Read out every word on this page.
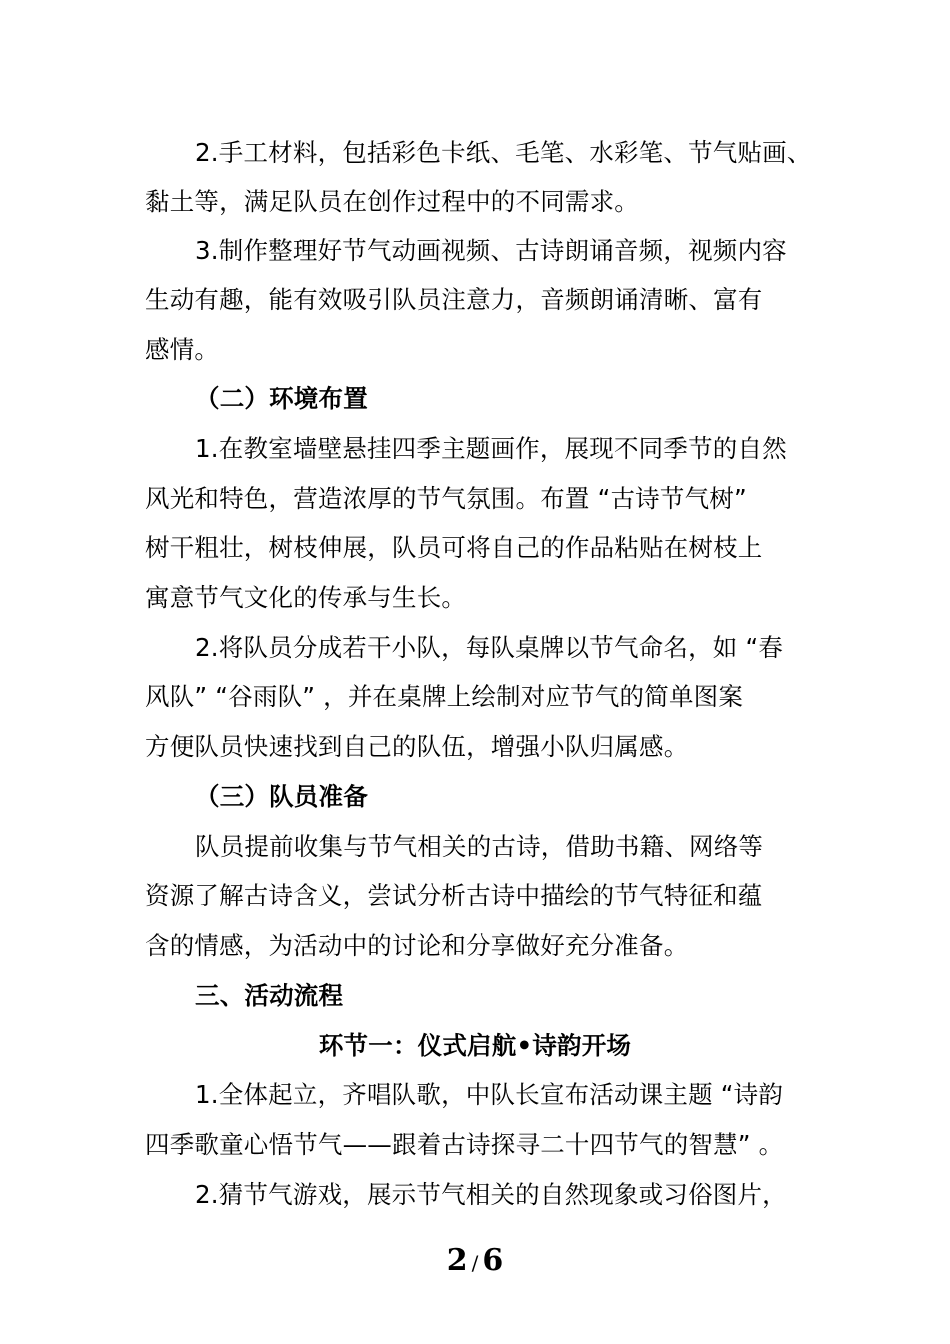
2.手工材料，包括彩色卡纸、毛笔、水彩笔、节气贴画、
黏土等，满足队员在创作过程中的不同需求。
3.制作整理好节气动画视频、古诗朗诵音频，视频内容
生动有趣，能有效吸引队员注意力，音频朗诵清晰、富有
感情。
（二）环境布置
1.在教室墙壁悬挂四季主题画作，展现不同季节的自然
风光和特色，营造浓厚的节气氛围。布置 “古诗节气树”
树干粗壮，树枝伸展，队员可将自己的作品粘贴在树枝上
寓意节气文化的传承与生长。
2.将队员分成若干小队，每队桌牌以节气命名，如 “春
风队” “谷雨队” ，并在桌牌上绘制对应节气的简单图案
方便队员快速找到自己的队伍，增强小队归属感。
（三）队员准备
队员提前收集与节气相关的古诗，借助书籍、网络等
资源了解古诗含义，尝试分析古诗中描绘的节气特征和蕴
含的情感，为活动中的讨论和分享做好充分准备。
三、活动流程
环节一：仪式启航•诗韵开场
1.全体起立，齐唱队歌，中队长宣布活动课主题 “诗韵
四季歌童心悟节气——跟着古诗探寻二十四节气的智慧” 。
2.猜节气游戏，展示节气相关的自然现象或习俗图片，
2 / 6
